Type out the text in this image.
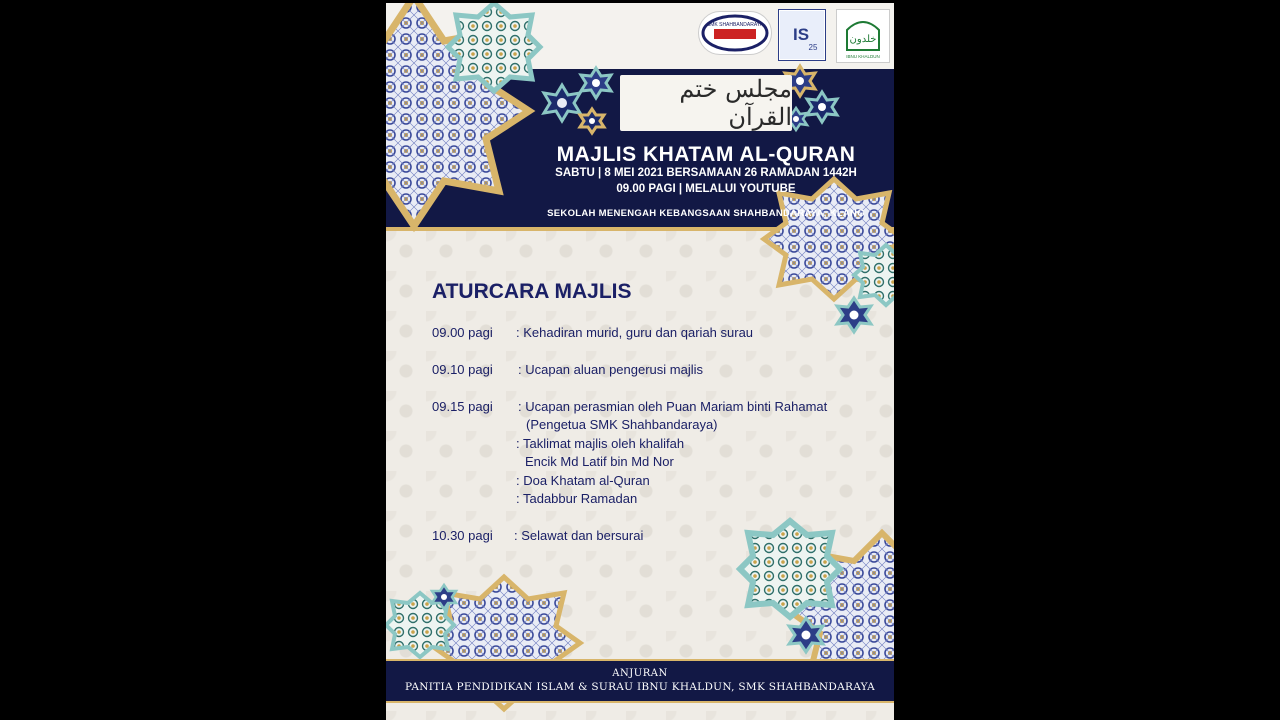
SMK SHAHBANDARAYA IS
25
خلدون
IBNU KHALDUN
مجلس ختم القرآن
MAJLIS KHATAM AL-QURAN
SABTU | 8 MEI 2021 BERSAMAAN 26 RAMADAN 1442H
09.00 PAGI | MELALUI YOUTUBE
SEKOLAH MENENGAH KEBANGSAAN SHAHBANDARAYA, KLANG
ATURCARA MAJLIS
09.00 pagi : Kehadiran murid, guru dan qariah surau
09.10 pagi : Ucapan aluan pengerusi majlis
09.15 pagi : Ucapan perasmian oleh Puan Mariam binti Rahamat
(Pengetua SMK Shahbandaraya)
: Taklimat majlis oleh khalifah
Encik Md Latif bin Md Nor
: Doa Khatam al-Quran
: Tadabbur Ramadan
10.30 pagi : Selawat dan bersurai
ANJURAN
PANITIA PENDIDIKAN ISLAM & SURAU IBNU KHALDUN, SMK SHAHBANDARAYA
